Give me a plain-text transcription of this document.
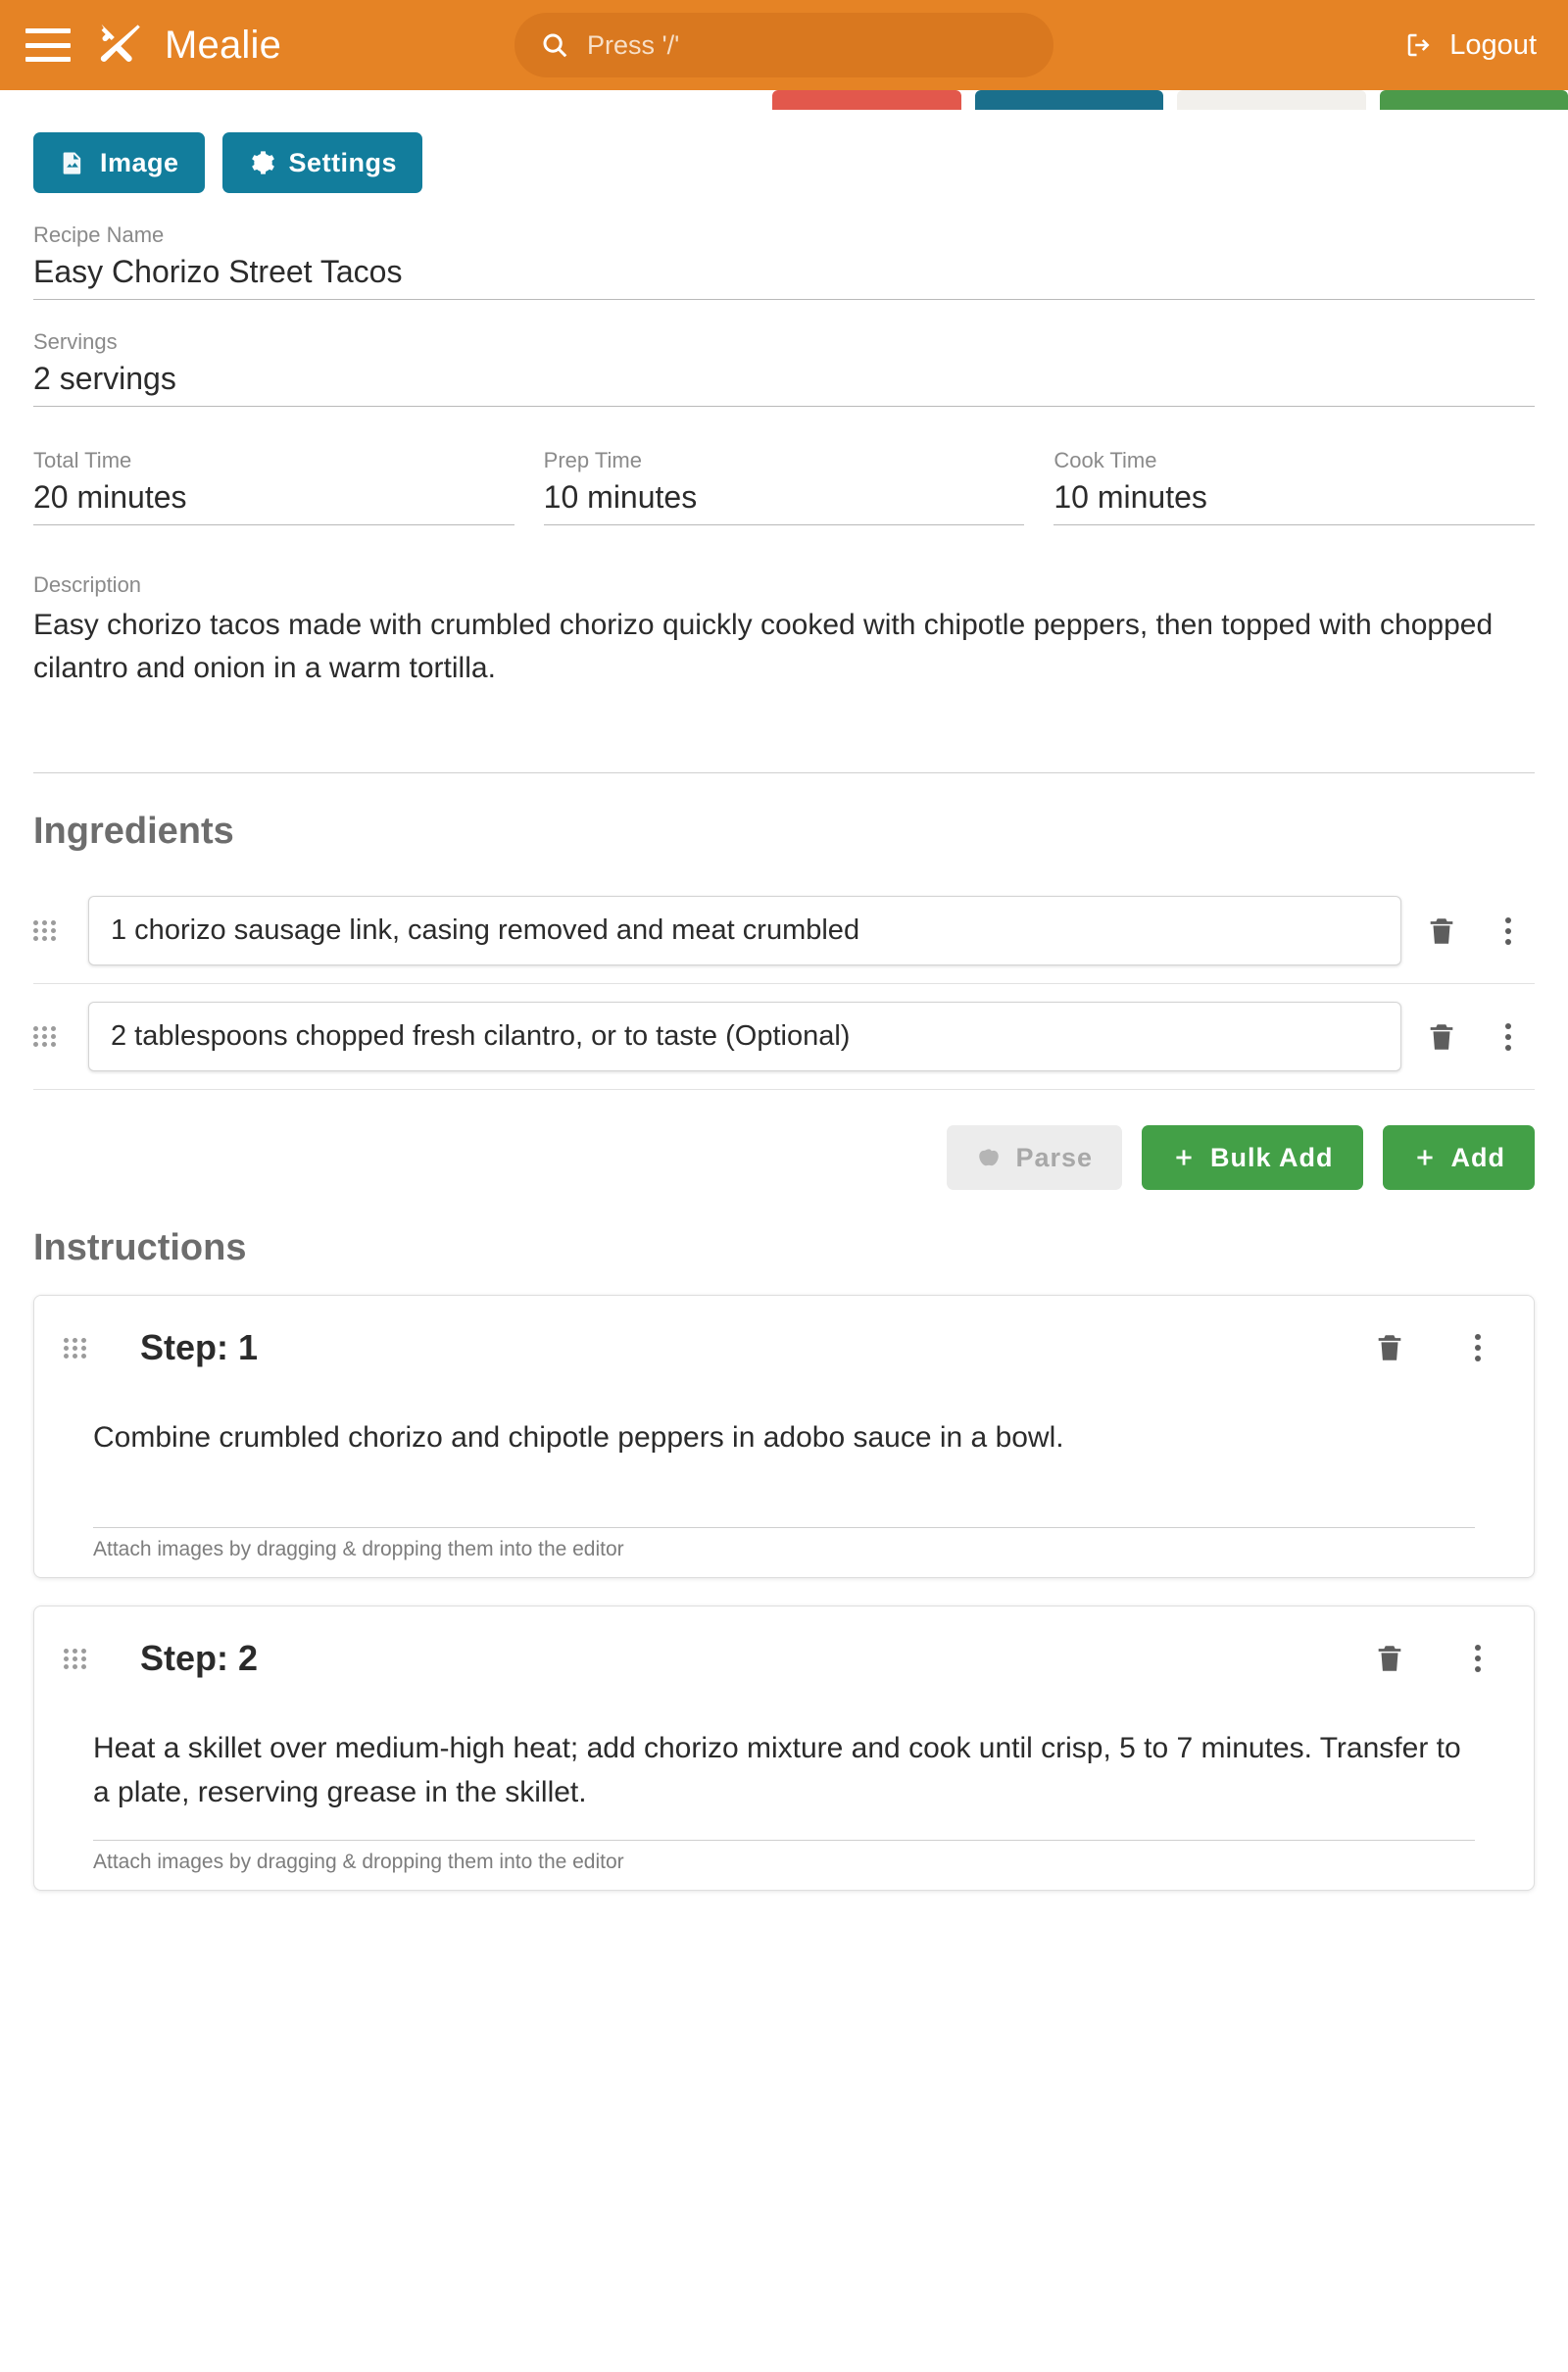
Mealie	Press '/'	Logout
Image	Settings
Recipe Name
Easy Chorizo Street Tacos
Servings
2 servings
Total Time
20 minutes
Prep Time
10 minutes
Cook Time
10 minutes
Description
Easy chorizo tacos made with crumbled chorizo quickly cooked with chipotle peppers, then topped with chopped cilantro and onion in a warm tortilla.
Ingredients
1 chorizo sausage link, casing removed and meat crumbled
2 tablespoons chopped fresh cilantro, or to taste (Optional)
Parse	Bulk Add	Add
Instructions
Step: 1
Combine crumbled chorizo and chipotle peppers in adobo sauce in a bowl.
Attach images by dragging & dropping them into the editor
Step: 2
Heat a skillet over medium-high heat; add chorizo mixture and cook until crisp, 5 to 7 minutes. Transfer to a plate, reserving grease in the skillet.
Attach images by dragging & dropping them into the editor
